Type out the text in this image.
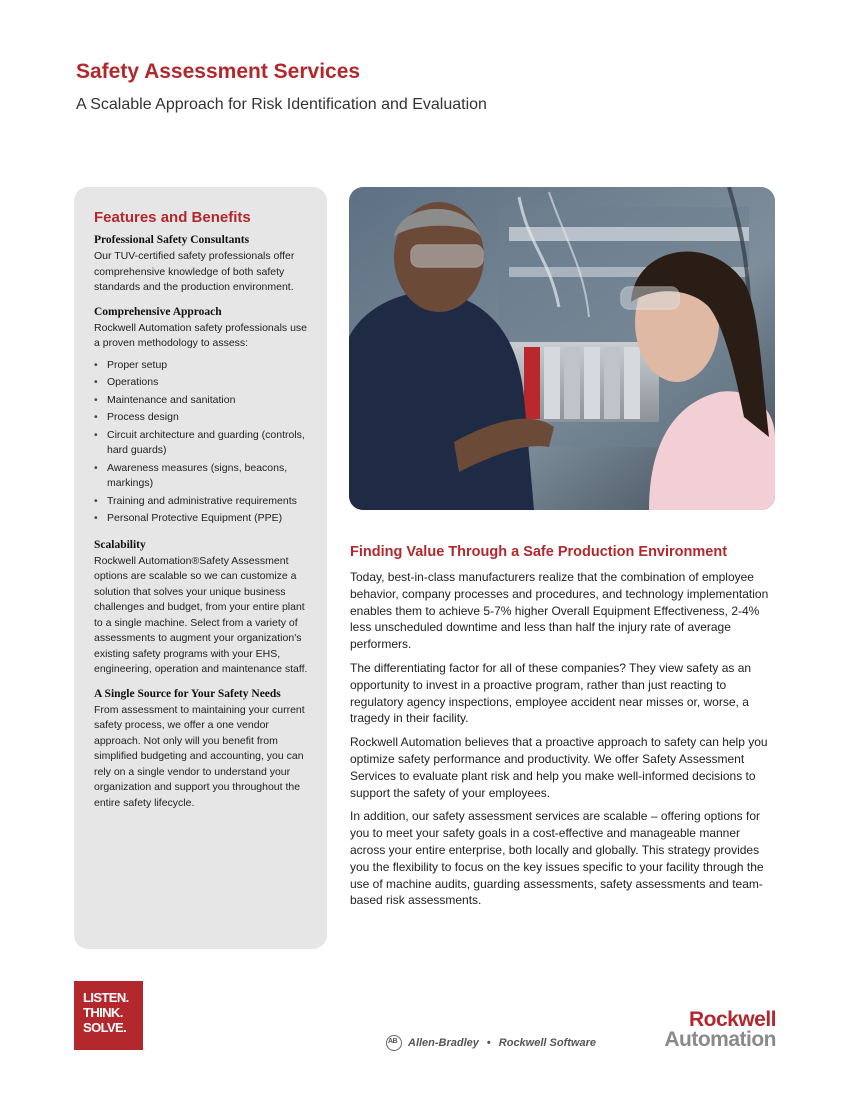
Safety Assessment Services
A Scalable Approach for Risk Identification and Evaluation
Features and Benefits
Professional Safety Consultants

Our TUV-certified safety professionals offer comprehensive knowledge of both safety standards and the production environment.

Comprehensive Approach

Rockwell Automation safety professionals use a proven methodology to assess:

• Proper setup
• Operations
• Maintenance and sanitation
• Process design
• Circuit architecture and guarding (controls, hard guards)
• Awareness measures (signs, beacons, markings)
• Training and administrative requirements
• Personal Protective Equipment (PPE)
Scalability

Rockwell Automation®Safety Assessment options are scalable so we can customize a solution that solves your unique business challenges and budget, from your entire plant to a single machine. Select from a variety of assessments to augment your organization's existing safety programs with your EHS, engineering, operation and maintenance staff.

A Single Source for Your Safety Needs

From assessment to maintaining your current safety process, we offer a one vendor approach. Not only will you benefit from simplified budgeting and accounting, you can rely on a single vendor to understand your organization and support you throughout the entire safety lifecycle.

Finding Value Through a Safe Production Environment

Today, best-in-class manufacturers realize that the combination of employee behavior, company processes and procedures, and technology implementation enables them to achieve 5-7% higher Overall Equipment Effectiveness, 2-4% less unscheduled downtime and less than half the injury rate of average performers.

The differentiating factor for all of these companies? They view safety as an opportunity to invest in a proactive program, rather than just reacting to regulatory agency inspections, employee accident near misses or, worse, a tragedy in their facility.

Rockwell Automation believes that a proactive approach to safety can help you optimize safety performance and productivity. We offer Safety Assessment Services to evaluate plant risk and help you make well-informed decisions to support the safety of your employees.

In addition, our safety assessment services are scalable – offering options for you to meet your safety goals in a cost-effective and manageable manner across your entire enterprise, both locally and globally. This strategy provides you the flexibility to focus on the key issues specific to your facility through the use of machine audits, guarding assessments, safety assessments and team-based risk assessments.

LISTEN.
THINK.
SOLVE.
AB
Allen-Bradley • Rockwell Software
Rockwell
Automation
